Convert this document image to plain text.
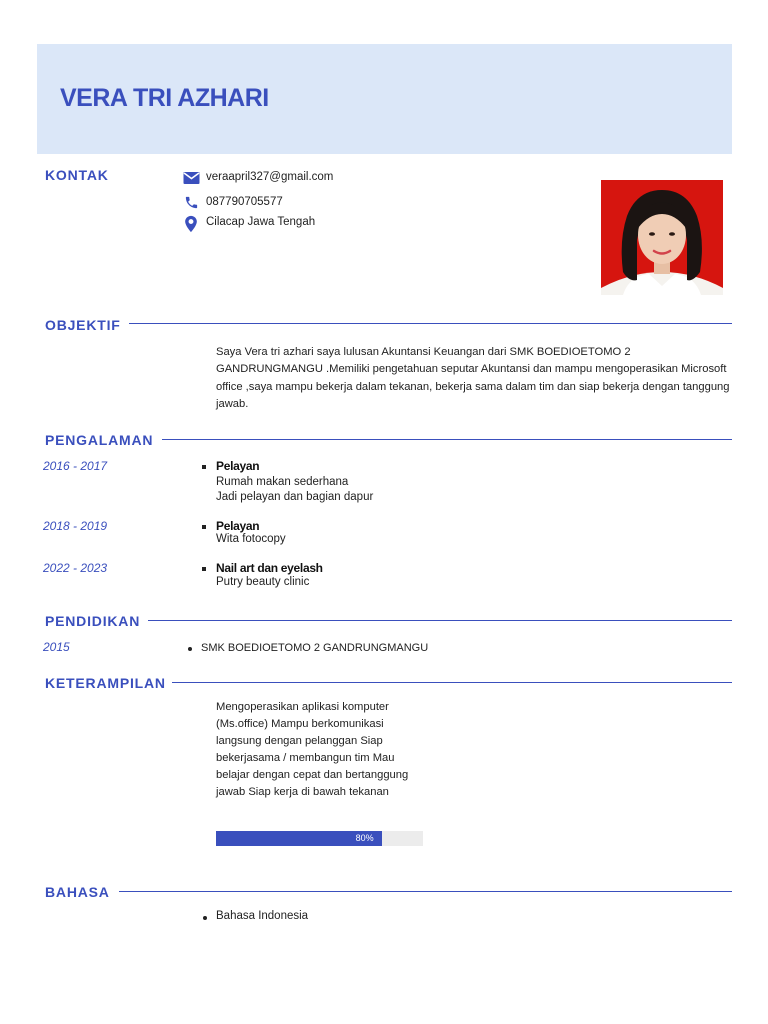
VERA TRI AZHARI
KONTAK	veraapril327@gmail.com
087790705577
Cilacap Jawa Tengah
OBJEKTIF
Saya Vera tri azhari saya lulusan Akuntansi Keuangan dari SMK BOEDIOETOMO 2 GANDRUNGMANGU .Memiliki pengetahuan seputar Akuntansi dan mampu mengoperasikan Microsoft office ,saya mampu bekerja dalam tekanan, bekerja sama dalam tim dan siap bekerja dengan tanggung jawab.
PENGALAMAN
2016 - 2017	Pelayan
Rumah makan sederhana
Jadi pelayan dan bagian dapur
2018 - 2019	Pelayan
Wita fotocopy
2022 - 2023	Nail art dan eyelash
Putry beauty clinic
PENDIDIKAN
2015	SMK BOEDIOETOMO 2 GANDRUNGMANGU
KETERAMPILAN
Mengoperasikan aplikasi komputer (Ms.office) Mampu berkomunikasi langsung dengan pelanggan Siap bekerjasama / membangun tim Mau belajar dengan cepat dan bertanggung jawab Siap kerja di bawah tekanan
80%
BAHASA
Bahasa Indonesia
